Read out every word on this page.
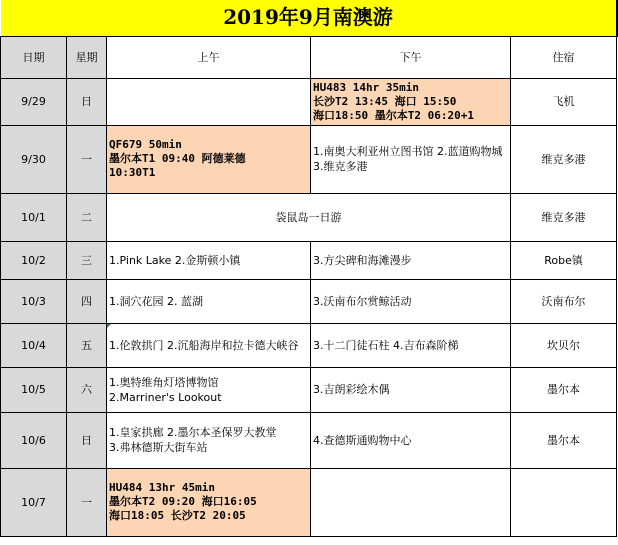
2019年9月南澳游				
日期	星期	上午	下午	住宿
9/29	日		HU483 14hr 35min
长沙T2 13:45 海口 15:50
海口18:50 墨尔本T2 06:20+1	飞机
9/30	一	QF679 50min
墨尔本T1 09:40 阿德莱德
10:30T1	1.南奥大利亚州立图书馆 2.蓝道购物城 3.维克多港	维克多港
10/1	二	袋鼠岛一日游		维克多港
10/2	三	1.Pink Lake 2.金斯顿小镇	3.方尖碑和海滩漫步	Robe镇
10/3	四	1.洞穴花园 2. 蓝湖	3.沃南布尔赏鲸活动	沃南布尔
10/4	五	1.伦敦拱门 2.沉船海岸和拉卡德大峡谷	3.十二门徒石柱 4.吉布森阶梯	坎贝尔
10/5	六	1.奥特维角灯塔博物馆
2.Marriner's Lookout	3.吉朗彩绘木偶	墨尔本
10/6	日	1.皇家拱廊 2.墨尔本圣保罗大教堂
3.弗林德斯大街车站	4.查德斯通购物中心	墨尔本
10/7	一	HU484 13hr 45min
墨尔本T2 09:20 海口16:05
海口18:05 长沙T2 20:05		
